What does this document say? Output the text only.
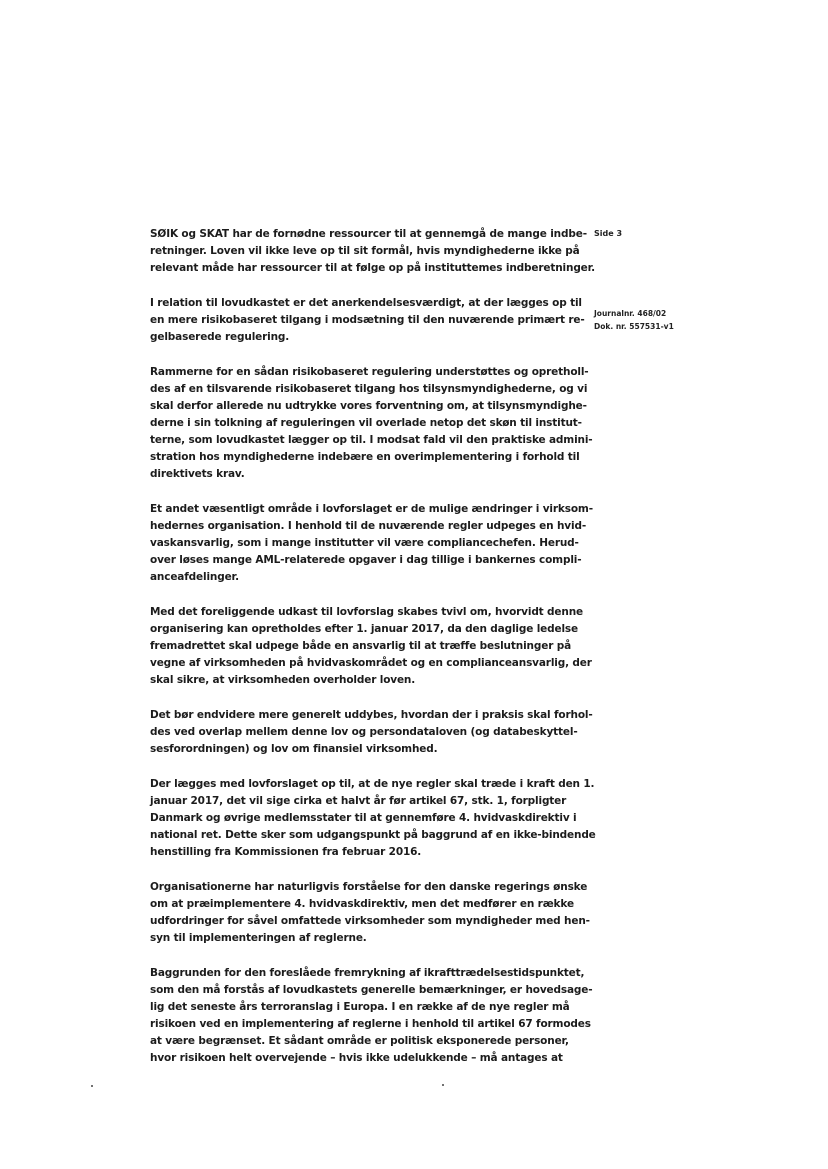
Side 3

Journalnr. 468/02
Dok. nr. 557531-v1
SØIK og SKAT har de fornødne ressourcer til at gennemgå de mange indbe-
retninger. Loven vil ikke leve op til sit formål, hvis myndighederne ikke på
relevant måde har ressourcer til at følge op på instituttemes indberetninger.
I relation til lovudkastet er det anerkendelsesværdigt, at der lægges op til
en mere risikobaseret tilgang i modsætning til den nuværende primært re-
gelbaserede regulering.
Rammerne for en sådan risikobaseret regulering understøttes og opretholl-
des af en tilsvarende risikobaseret tilgang hos tilsynsmyndighederne, og vi
skal derfor allerede nu udtrykke vores forventning om, at tilsynsmyndighe-
derne i sin tolkning af reguleringen vil overlade netop det skøn til institut-
terne, som lovudkastet lægger op til. I modsat fald vil den praktiske admini-
stration hos myndighederne indebære en overimplementering i forhold til
direktivets krav.
Et andet væsentligt område i lovforslaget er de mulige ændringer i virksom-
hedernes organisation. I henhold til de nuværende regler udpeges en hvid-
vaskansvarlig, som i mange institutter vil være compliancechefen. Herud-
over løses mange AML-relaterede opgaver i dag tillige i bankernes compli-
anceafdelinger.
Med det foreliggende udkast til lovforslag skabes tvivl om, hvorvidt denne
organisering kan opretholdes efter 1. januar 2017, da den daglige ledelse
fremadrettet skal udpege både en ansvarlig til at træffe beslutninger på
vegne af virksomheden på hvidvaskområdet og en complianceansvarlig, der
skal sikre, at virksomheden overholder loven.
Det bør endvidere mere generelt uddybes, hvordan der i praksis skal forhol-
des ved overlap mellem denne lov og persondataloven (og databeskyttel-
sesforordningen) og lov om finansiel virksomhed.
Der lægges med lovforslaget op til, at de nye regler skal træde i kraft den 1.
januar 2017, det vil sige cirka et halvt år før artikel 67, stk. 1, forpligter
Danmark og øvrige medlemsstater til at gennemføre 4. hvidvaskdirektiv i
national ret. Dette sker som udgangspunkt på baggrund af en ikke-bindende
henstilling fra Kommissionen fra februar 2016.
Organisationerne har naturligvis forståelse for den danske regerings ønske
om at præimplementere 4. hvidvaskdirektiv, men det medfører en række
udfordringer for såvel omfattede virksomheder som myndigheder med hen-
syn til implementeringen af reglerne.
Baggrunden for den foreslåede fremrykning af ikrafttrædelsestidspunktet,
som den må forstås af lovudkastets generelle bemærkninger, er hovedsage-
lig det seneste års terroranslag i Europa. I en række af de nye regler må
risikoen ved en implementering af reglerne i henhold til artikel 67 formodes
at være begrænset. Et sådant område er politisk eksponerede personer,
hvor risikoen helt overvejende – hvis ikke udelukkende – må antages at
